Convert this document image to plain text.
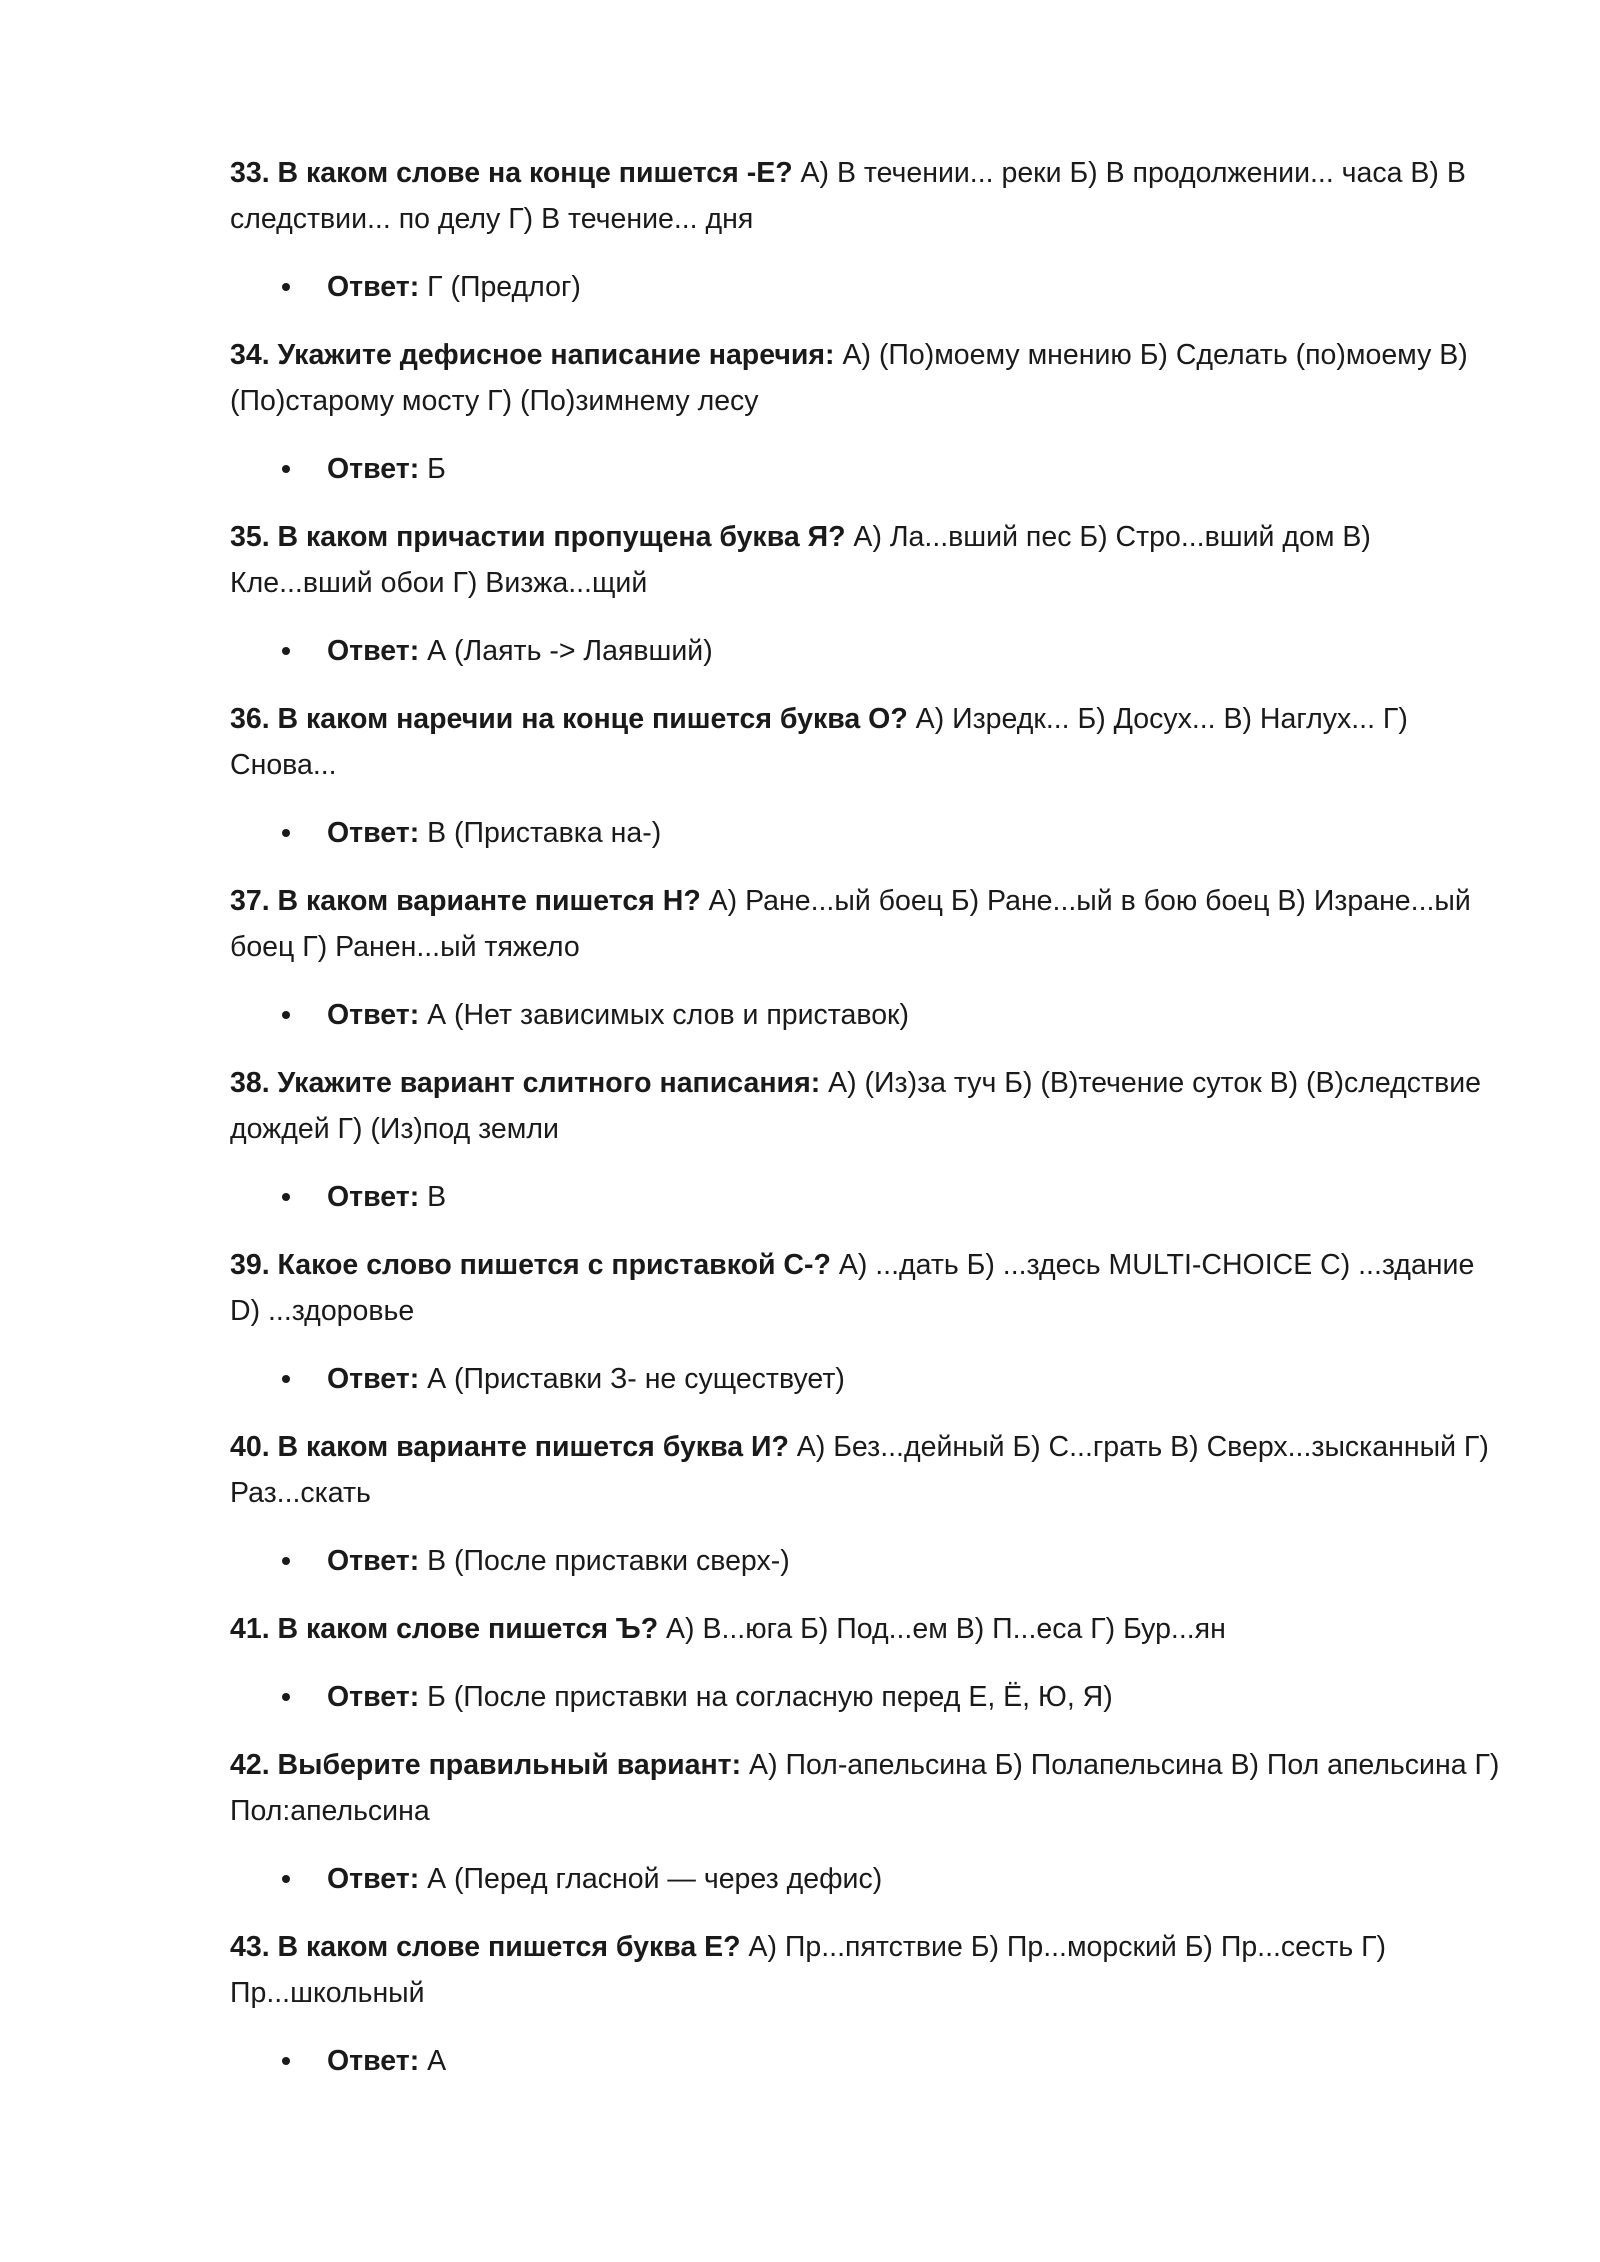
33. В каком слове на конце пишется -Е? А) В течении... реки Б) В продолжении... часа В) В следствии... по делу Г) В течение... дня

Ответ: Г (Предлог)

34. Укажите дефисное написание наречия: А) (По)моему мнению Б) Сделать (по)моему В) (По)старому мосту Г) (По)зимнему лесу

Ответ: Б

35. В каком причастии пропущена буква Я? А) Ла...вший пес Б) Стро...вший дом В) Кле...вший обои Г) Визжа...щий

Ответ: А (Лаять -> Лаявший)

36. В каком наречии на конце пишется буква О? А) Изредк... Б) Досух... В) Наглух... Г) Снова...

Ответ: В (Приставка на-)

37. В каком варианте пишется Н? А) Ране...ый боец Б) Ране...ый в бою боец В) Изране...ый боец Г) Ранен...ый тяжело

Ответ: А (Нет зависимых слов и приставок)

38. Укажите вариант слитного написания: А) (Из)за туч Б) (В)течение суток В) (В)следствие дождей Г) (Из)под земли

Ответ: В

39. Какое слово пишется с приставкой С-? А) ...дать Б) ...здесь MULTI-CHOICE C) ...здание D) ...здоровье

Ответ: А (Приставки З- не существует)

40. В каком варианте пишется буква И? А) Без...дейный Б) С...грать В) Сверх...зысканный Г) Раз...скать

Ответ: В (После приставки сверх-)

41. В каком слове пишется Ъ? А) В...юга Б) Под...ем В) П...еса Г) Бур...ян

Ответ: Б (После приставки на согласную перед Е, Ё, Ю, Я)

42. Выберите правильный вариант: А) Пол-апельсина Б) Полапельсина В) Пол апельсина Г) Пол:апельсина

Ответ: А (Перед гласной — через дефис)

43. В каком слове пишется буква Е? А) Пр...пятствие Б) Пр...морский Б) Пр...сесть Г) Пр...школьный

Ответ: А
